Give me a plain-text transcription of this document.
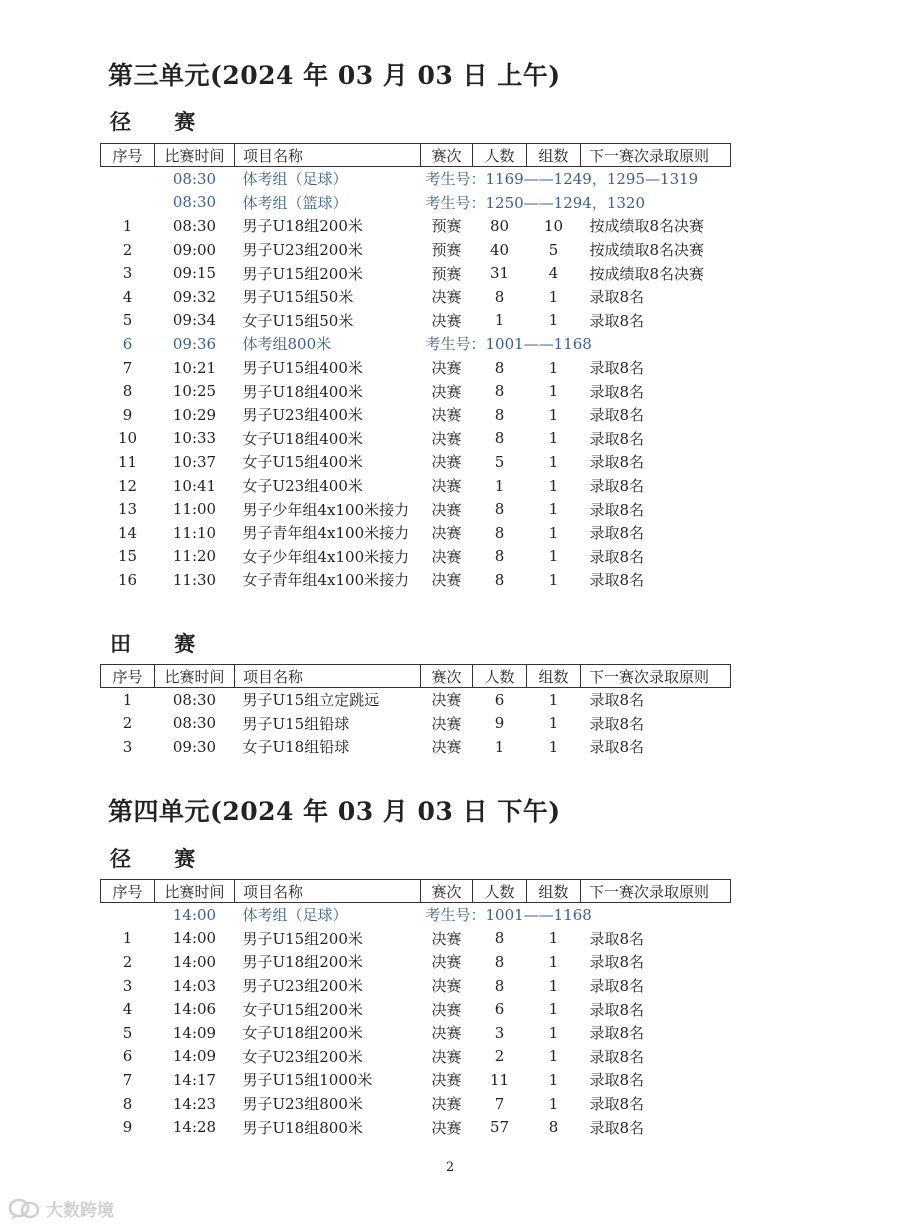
第三单元(2024 年 03 月 03 日 上午)
径 赛
序号	比赛时间	项目名称	赛次	人数	组数	下一赛次录取原则
	08:30	体考组（足球）	考生号：1169——1249，1295—1319			
	08:30	体考组（篮球）	考生号：1250——1294，1320			
1	08:30	男子U18组200米	预赛	80	10	按成绩取8名决赛
2	09:00	男子U23组200米	预赛	40	5	按成绩取8名决赛
3	09:15	男子U15组200米	预赛	31	4	按成绩取8名决赛
4	09:32	男子U15组50米	决赛	8	1	录取8名
5	09:34	女子U15组50米	决赛	1	1	录取8名
6	09:36	体考组800米	考生号：1001——1168			
7	10:21	男子U15组400米	决赛	8	1	录取8名
8	10:25	男子U18组400米	决赛	8	1	录取8名
9	10:29	男子U23组400米	决赛	8	1	录取8名
10	10:33	女子U18组400米	决赛	8	1	录取8名
11	10:37	女子U15组400米	决赛	5	1	录取8名
12	10:41	女子U23组400米	决赛	1	1	录取8名
13	11:00	男子少年组4x100米接力	决赛	8	1	录取8名
14	11:10	男子青年组4x100米接力	决赛	8	1	录取8名
15	11:20	女子少年组4x100米接力	决赛	8	1	录取8名
16	11:30	女子青年组4x100米接力	决赛	8	1	录取8名
田 赛
序号	比赛时间	项目名称	赛次	人数	组数	下一赛次录取原则
1	08:30	男子U15组立定跳远	决赛	6	1	录取8名
2	08:30	男子U15组铅球	决赛	9	1	录取8名
3	09:30	女子U18组铅球	决赛	1	1	录取8名
第四单元(2024 年 03 月 03 日 下午)
径 赛
序号	比赛时间	项目名称	赛次	人数	组数	下一赛次录取原则
	14:00	体考组（足球）	考生号：1001——1168			
1	14:00	男子U15组200米	决赛	8	1	录取8名
2	14:00	男子U18组200米	决赛	8	1	录取8名
3	14:03	男子U23组200米	决赛	8	1	录取8名
4	14:06	女子U15组200米	决赛	6	1	录取8名
5	14:09	女子U18组200米	决赛	3	1	录取8名
6	14:09	女子U23组200米	决赛	2	1	录取8名
7	14:17	男子U15组1000米	决赛	11	1	录取8名
8	14:23	男子U23组800米	决赛	7	1	录取8名
9	14:28	男子U18组800米	决赛	57	8	录取8名
2
大数跨境
